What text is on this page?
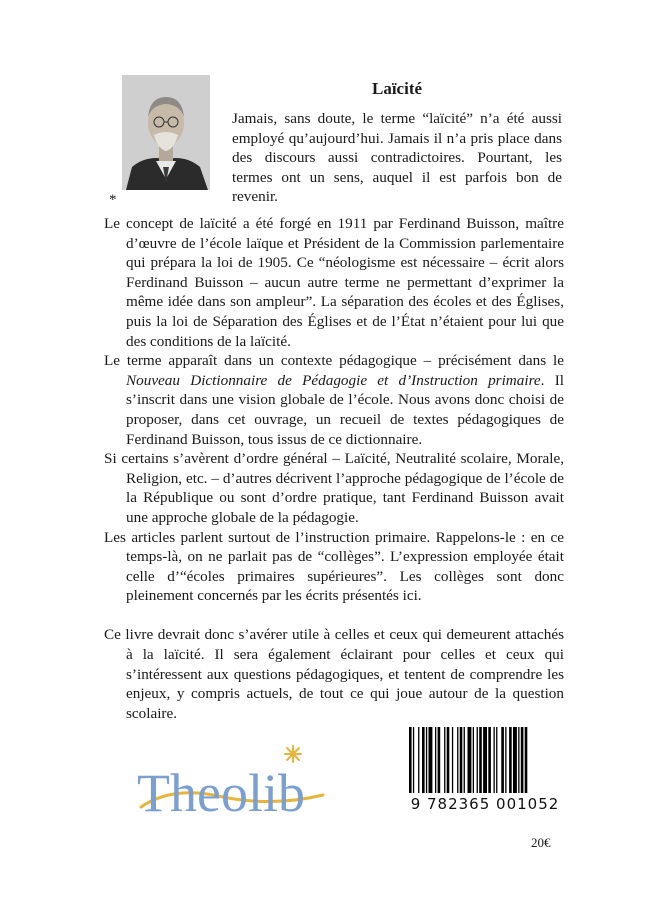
*
Laïcité
Jamais, sans doute, le terme “laïcité” n’a été aussi employé qu’aujourd’hui. Jamais il n’a pris place dans des discours aussi contradictoires. Pourtant, les termes ont un sens, auquel il est parfois bon de revenir.

Le concept de laïcité a été forgé en 1911 par Ferdinand Buisson, maître d’œuvre de l’école laïque et Président de la Commission parlementaire qui prépara la loi de 1905. Ce “néologisme est nécessaire – écrit alors Ferdinand Buisson – aucun autre terme ne permettant d’exprimer la même idée dans son ampleur”. La séparation des écoles et des Églises, puis la loi de Séparation des Églises et de l’État n’étaient pour lui que des conditions de la laïcité.

Le terme apparaît dans un contexte pédagogique – précisément dans le Nouveau Dictionnaire de Pédagogie et d’Instruction primaire. Il s’inscrit dans une vision globale de l’école. Nous avons donc choisi de proposer, dans cet ouvrage, un recueil de textes pédagogiques de Ferdinand Buisson, tous issus de ce dictionnaire.

Si certains s’avèrent d’ordre général – Laïcité, Neutralité scolaire, Morale, Religion, etc. – d’autres décrivent l’approche pédagogique de l’école de la République ou sont d’ordre pratique, tant Ferdinand Buisson avait une approche globale de la pédagogie.

Les articles parlent surtout de l’instruction primaire. Rappelons-le : en ce temps-là, on ne parlait pas de “collèges”. L’expression employée était celle d’“écoles primaires supérieures”. Les collèges sont donc pleinement concernés par les écrits présentés ici.

Ce livre devrait donc s’avérer utile à celles et ceux qui demeurent attachés à la laïcité. Il sera également éclairant pour celles et ceux qui s’intéressent aux questions pédagogiques, et tentent de comprendre les enjeux, y compris actuels, de tout ce qui joue autour de la question scolaire.

Theolib	9 782365 001052
20€
